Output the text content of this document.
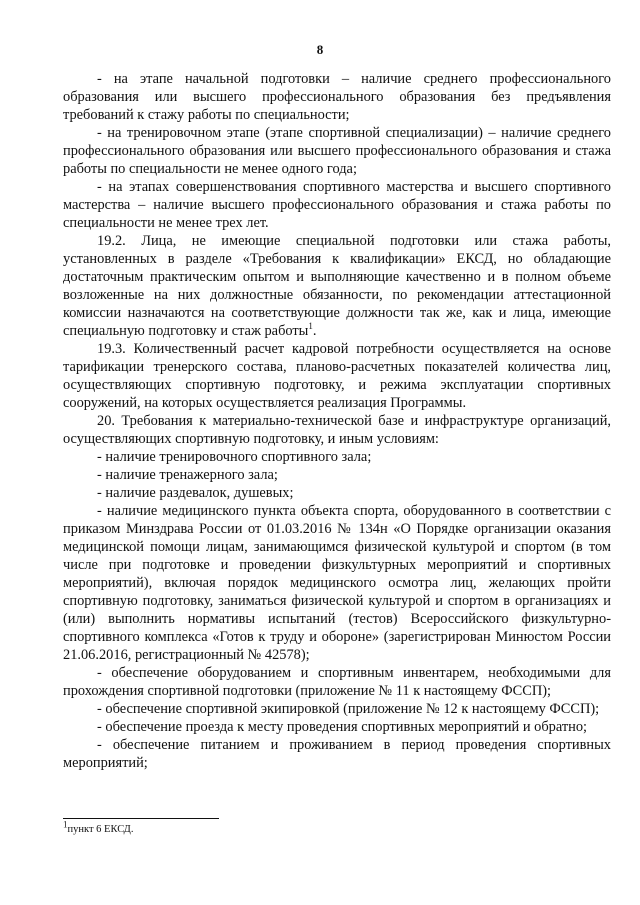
8

- на этапе начальной подготовки – наличие среднего профессионального образования или высшего профессионального образования без предъявления требований к стажу работы по специальности;

- на тренировочном этапе (этапе спортивной специализации) – наличие среднего профессионального образования или высшего профессионального образования и стажа работы по специальности не менее одного года;

- на этапах совершенствования спортивного мастерства и высшего спортивного мастерства – наличие высшего профессионального образования и стажа работы по специальности не менее трех лет.

19.2. Лица, не имеющие специальной подготовки или стажа работы, установленных в разделе «Требования к квалификации» ЕКСД, но обладающие достаточным практическим опытом и выполняющие качественно и в полном объеме возложенные на них должностные обязанности, по рекомендации аттестационной комиссии назначаются на соответствующие должности так же, как и лица, имеющие специальную подготовку и стаж работы$^1$.

19.3. Количественный расчет кадровой потребности осуществляется на основе тарификации тренерского состава, планово-расчетных показателей количества лиц, осуществляющих спортивную подготовку, и режима эксплуатации спортивных сооружений, на которых осуществляется реализация Программы.

20. Требования к материально-технической базе и инфраструктуре организаций, осуществляющих спортивную подготовку, и иным условиям:

- наличие тренировочного спортивного зала;

- наличие тренажерного зала;

- наличие раздевалок, душевых;

- наличие медицинского пункта объекта спорта, оборудованного в соответствии с приказом Минздрава России от 01.03.2016 № 134н «О Порядке организации оказания медицинской помощи лицам, занимающимся физической культурой и спортом (в том числе при подготовке и проведении физкультурных мероприятий и спортивных мероприятий), включая порядок медицинского осмотра лиц, желающих пройти спортивную подготовку, заниматься физической культурой и спортом в организациях и (или) выполнить нормативы испытаний (тестов) Всероссийского физкультурно-спортивного комплекса «Готов к труду и обороне» (зарегистрирован Минюстом России 21.06.2016, регистрационный № 42578);

- обеспечение оборудованием и спортивным инвентарем, необходимыми для прохождения спортивной подготовки (приложение № 11 к настоящему ФССП);

- обеспечение спортивной экипировкой (приложение № 12 к настоящему ФССП);

- обеспечение проезда к месту проведения спортивных мероприятий и обратно;

- обеспечение питанием и проживанием в период проведения спортивных мероприятий;

$^1$пункт 6 ЕКСД.
